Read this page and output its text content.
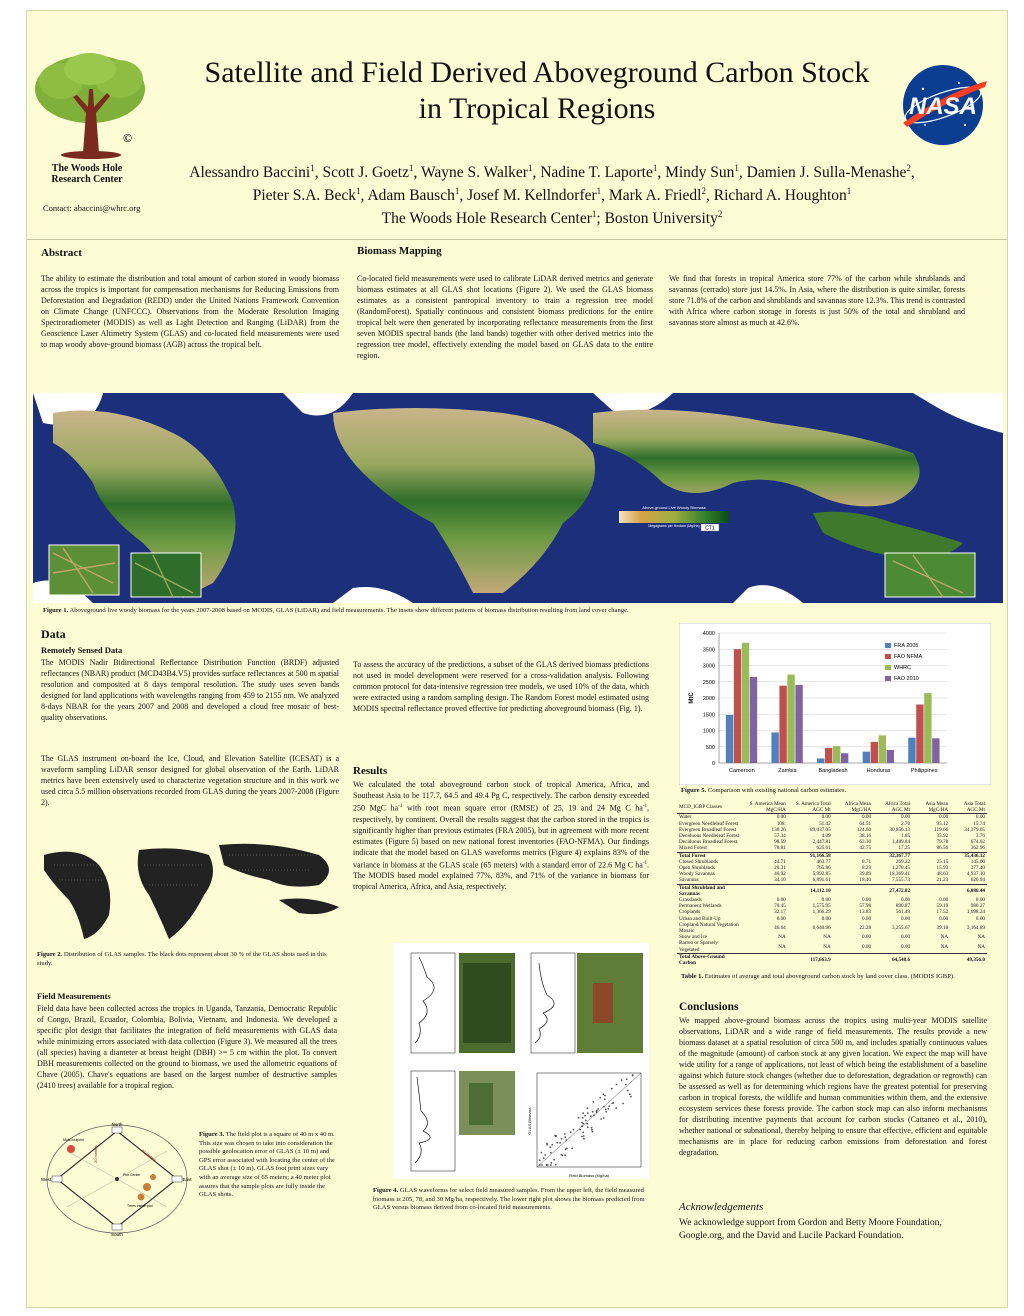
©
The Woods Hole Research Center
Contact: abaccini@whrc.org
Satellite and Field Derived Aboveground Carbon Stock
in Tropical Regions
Alessandro Baccini$^1$, Scott J. Goetz$^1$, Wayne S. Walker$^1$, Nadine T. Laporte$^1$, Mindy Sun$^1$, Damien J. Sulla-Menashe$^2$, Pieter S.A. Beck$^1$, Adam Bausch$^1$, Josef M. Kellndorfer$^1$, Mark A. Friedl$^2$, Richard A. Houghton$^1$
The Woods Hole Research Center$^1$; Boston University$^2$
NASA
Abstract
The ability to estimate the distribution and total amount of carbon stored in woody biomass across the tropics is important for compensation mechanisms for Reducing Emissions from Deforestation and Degradation (REDD) under the United Nations Framework Convention on Climate Change (UNFCCC). Observations from the Moderate Resolution Imaging Spectroradiometer (MODIS) as well as Light Detection and Ranging (LiDAR) from the Geoscience Laser Altimetry System (GLAS) and co-located field measurements were used to map woody above-ground biomass (AGB) across the tropical belt.
Biomass Mapping
Co-located field measurements were used to calibrate LiDAR derived metrics and generate biomass estimates at all GLAS shot locations (Figure 2). We used the GLAS biomass estimates as a consistent pantropical inventory to train a regression tree model (RandomForest). Spatially continuous and consistent biomass predictions for the entire tropical belt were then generated by incorporating reflectance measurements from the first seven MODIS spectral bands (the land bands) together with other derived metrics into the regression tree model, effectively extending the model based on GLAS data to the entire region.
We find that forests in tropical America store 77% of the carbon while shrublands and savannas (cerrado) store just 14.5%. In Asia, where the distribution is quite similar, forests store 71.8% of the carbon and shrublands and savannas store 12.3%. This trend is contrasted with Africa where carbon storage in forests is just 50% of the total and shrubland and savannas store almost as much at 42.6%.
Above-ground Live Woody Biomass
Megagrams per Hectare (Mg/Ha) CT1
Figure 1. Aboveground live woody biomass for the years 2007-2008 based on MODIS, GLAS (LiDAR) and field measurements. The insets show different patterns of biomass distribution resulting from land cover change.
Data
Remotely Sensed Data
The MODIS Nadir Bidirectional Reflectance Distribution Function (BRDF) adjusted reflectances (NBAR) product (MCD43B4.V5) provides surface reflectances at 500 m spatial resolution and composited at 8 days temporal resolution. The study uses seven bands designed for land applications with wavelengths ranging from 459 to 2155 nm. We analyzed 8-days NBAR for the years 2007 and 2008 and developed a cloud free mosaic of best-quality observations.
The GLAS instrument on-board the Ice, Cloud, and Elevation Satellite (ICESAT) is a waveform sampling LiDAR sensor designed for global observation of the Earth. LiDAR metrics have been extensively used to characterize vegetation structure and in this work we used circa 5.5 million observations recorded from GLAS during the years 2007-2008 (Figure 2).
To assess the accuracy of the predictions, a subset of the GLAS derived biomass predictions not used in model development were reserved for a cross-validation analysis. Following common protocol for data-intensive regression tree models, we used 10% of the data, which were extracted using a random sampling design. The Random Forest model estimated using MODIS spectral reflectance proved effective for predicting aboveground biomass (Fig. 1).
Figure 2. Distribution of GLAS samples. The black dots represent about 30 % of the GLAS shots used in this study.
Field Measurements
Field data have been collected across the tropics in Uganda, Tanzania, Democratic Republic of Congo, Brazil, Ecuador, Colombia, Bolivia, Vietnam, and Indonesia. We developed a specific plot design that facilitates the integration of field measurements with GLAS data while minimizing errors associated with data collection (Figure 3). We measured all the trees (all species) having a diameter at breast height (DBH) >= 5 cm within the plot. To convert DBH measurements collected on the ground to biomass, we used the allometric equations of Chave (2005). Chave's equations are based on the largest number of destructive samples (2410 trees) available for a tropical region.
North
South
East
West
Plot Center
Multi-footprint
20 meters	40 meters
Trees inside plot
Figure 3. The field plot is a square of 40 m x 40 m. This size was chosen to take into consideration the possible geolocation error of GLAS (± 10 m) and GPS error associated with locating the center of the GLAS shot (± 10 m). GLAS foot print sizes vary with an average size of 65 meters; a 40 meter plot assures that the sample plots are fully inside the GLAS shots.
Results
We calculated the total aboveground carbon stock of tropical America, Africa, and Southeast Asia to be 117.7, 64.5 and 49.4 Pg C, respectively. The carbon density exceeded 250 MgC $ha^{-1}$ with root mean square error (RMSE) of 25, 19 and 24 Mg C $ha^{-1}$, respectively, by continent. Overall the results suggest that the carbon stored in the tropics is significantly higher than previous estimates (FRA 2005), but in agreement with more recent estimates (Figure 5) based on new national forest inventories (FAO-NFMA). Our findings indicate that the model based on GLAS waveforms metrics (Figure 4) explains 83% of the variance in biomass at the GLAS scale (65 meters) with a standard error of 22.6 Mg C $ha^{-1}$. The MODIS based model explained 77%, 83%, and 71% of the variance in biomass for tropical America, Africa, and Asia, respectively.
Field Biomass (Mg/ha)
GLAS Biomass
Figure 4. GLAS waveforms for select field measured samples. From the upper left, the field measured biomass is 205, 78, and 30 Mg/ha, respectively. The lower right plot shows the biomass predicted from GLAS versus biomass derived from co-located field measurements.
0
500
1000
1500
2000
2500
3000
3500
4000
MtC
Cameroon	Zambia	Bangladesh	Honduras	Philippines
FRA 2005
FAO NFMA
WHRC
FAO 2010
Figure 5. Comparison with existing national carbon estimates.
MCD_IGBP Classes	S. America Mean MgC/HA	S. America Total AGC Mt	Africa Mean MgC/HA	Africa Total AGC Mt	Asia Mean MgC/HA	Asia Total AGC Mt
Water	0.00	0.00	0.00	0.00	0.00	0.00
Evergreen Needleleaf Forest	108.	51.42	64.51	2.70	95.12	15.74
Evergreen Broadleaf Forest	130.26	89,037.05	124.60	30,856.13	119.66	34,379.65
Deciduous Needleleaf Forest	57.34	4.09	38.16	1.85	35.92	3.76
Deciduous Broadleaf Forest	98.59	2,447.81	63.30	1,489.84	79.78	674.02
Mixed Forest	78.81	625.61	42.75	17.25	86.56	362.96
Total Forest		91,166.58		32,367.77		35,436.12
Closed Shrublands	44.71	463.77	8.71	269.22	25.15	145.00
Open Shrublands	20.31	765.86	8.23	1,278.45	15.93	377.40
Woody Savannas	46.92	5,992.85	39.89	18,369.41	48.63	4,937.10
Savannas	34.10	6,891.61	18.40	7,555.73	21.23	626.94
Total Shrubland and Savannas		14,112.10		27,472.82		6,086.44
Grasslands	0.00	0.00	0.00	0.00	0.00	0.00
Permanent Wetlands	70.45	1,575.95	57.98	890.87	59.19	980.27
Croplands	32.17	1,366.29	13.83	561.49	17.52	1,698.24
Urban and Built-Up	0.00	0.00	0.00	0.00	0.00	0.00
Cropland/Natural Vegetation Mosaic	46.64	6,640.96	22.28	3,255.67	39.10	3,164.89
Snow and Ice	NA	NA	0.00	0.00	NA	NA
Barren or Sparsely Vegetated	NA	NA	0.00	0.00	NA	NA
Total Above-Ground Carbon		117,663.9		64,548.6		49,356.0
Table 1. Estimates of average and total aboveground carbon stock by land cover class. (MODIS IGBP).
Conclusions
We mapped above-ground biomass across the tropics using multi-year MODIS satellite observations, LiDAR and a wide range of field measurements. The results provide a new biomass dataset at a spatial resolution of circa 500 m, and includes spatially continuous values of the magnitude (amount) of carbon stock at any given location. We expect the map will have wide utility for a range of applications, not least of which being the establishment of a baseline against which future stock changes (whether due to deforestation, degradation or regrowth) can be assessed as well as for determining which regions have the greatest potential for preserving carbon in tropical forests, the wildlife and human communities within them, and the extensive ecosystem services these forests provide. The carbon stock map can also inform mechanisms for distributing incentive payments that account for carbon stocks (Cattaneo et al., 2010), whether national or subnational, thereby helping to ensure that effective, efficient and equitable mechanisms are in place for reducing carbon emissions from deforestation and forest degradation.
Acknowledgements
We acknowledge support from Gordon and Betty Moore Foundation, Google.org, and the David and Lucile Packard Foundation.
